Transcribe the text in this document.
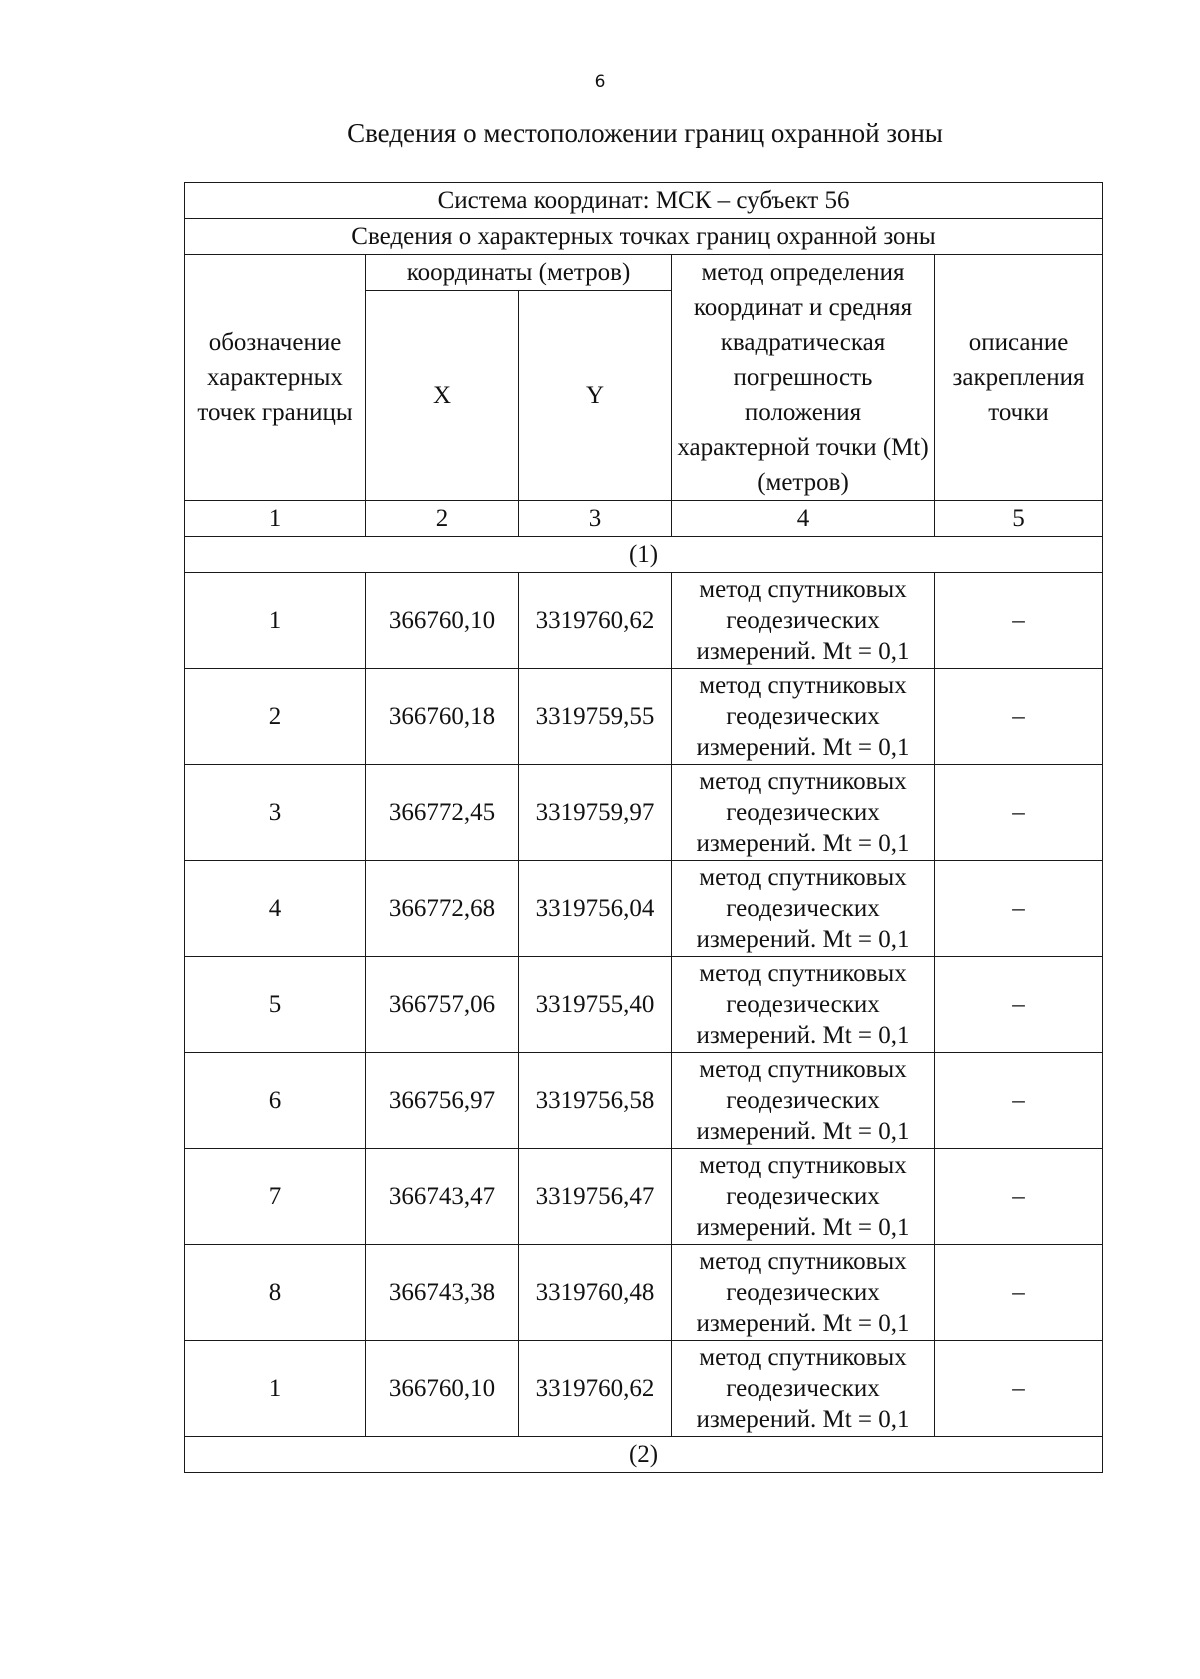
6
Сведения о местоположении границ охранной зоны
Система координат: МСК – субъект 56				
Сведения о характерных точках границ охранной зоны				
обозначение характерных точек границы	координаты (метров)		метод определения координат и средняя квадратическая погрешность положения характерной точки (Mt) (метров)	описание закрепления точки
	X	Y		
1	2	3	4	5
(1)				
1	366760,10	3319760,62	метод спутниковых геодезических измерений. Mt = 0,1	–
2	366760,18	3319759,55	метод спутниковых геодезических измерений. Mt = 0,1	–
3	366772,45	3319759,97	метод спутниковых геодезических измерений. Mt = 0,1	–
4	366772,68	3319756,04	метод спутниковых геодезических измерений. Mt = 0,1	–
5	366757,06	3319755,40	метод спутниковых геодезических измерений. Mt = 0,1	–
6	366756,97	3319756,58	метод спутниковых геодезических измерений. Mt = 0,1	–
7	366743,47	3319756,47	метод спутниковых геодезических измерений. Mt = 0,1	–
8	366743,38	3319760,48	метод спутниковых геодезических измерений. Mt = 0,1	–
1	366760,10	3319760,62	метод спутниковых геодезических измерений. Mt = 0,1	–
(2)				
